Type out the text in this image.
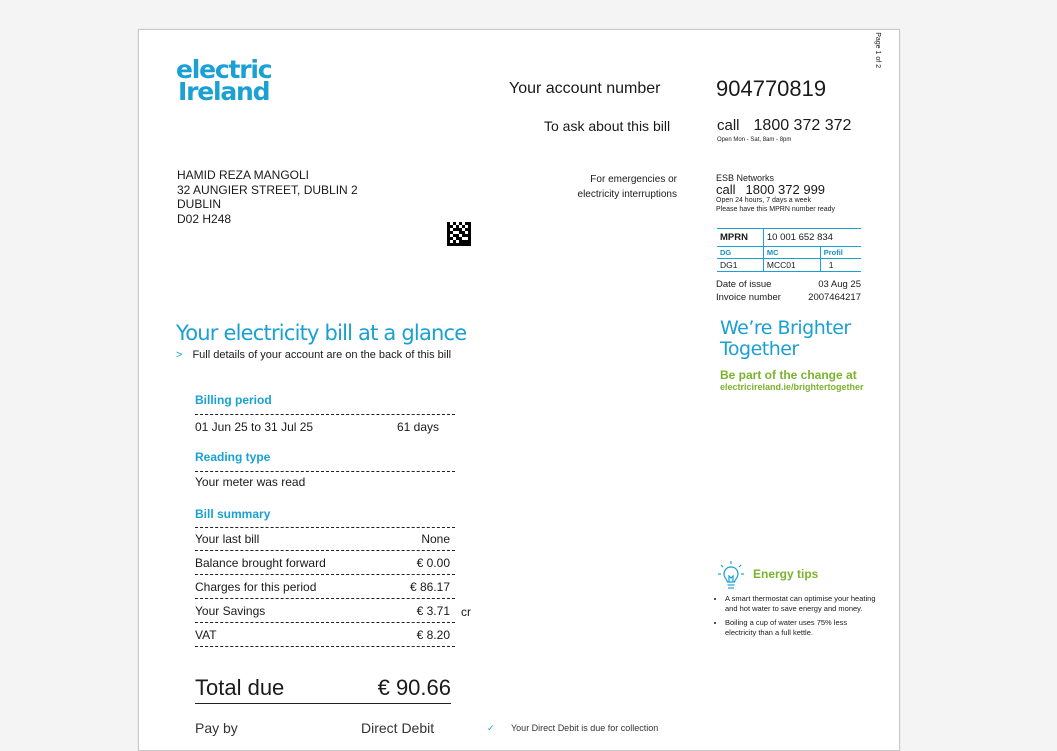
electric
Ireland	Your account number	904770819
To ask about this bill	call 1800 372 372
Open Mon - Sat, 8am - 8pm
Page 1 of 2
HAMID REZA MANGOLI
32 AUNGIER STREET, DUBLIN 2
DUBLIN
D02 H248
For emergencies or
electricity interruptions
ESB Networks
call 1800 372 999
Open 24 hours, 7 days a week
Please have this MPRN number ready
MPRN	10 001 652 834	
DG	MC	Profil
DG1	MCC01	1
Date of issue	03 Aug 25
Invoice number	2007464217
Your electricity bill at a glance
> Full details of your account are on the back of this bill
Billing period
01 Jun 25 to 31 Jul 25	61 days
Reading type
Your meter was read
Bill summary
Your last bill	None
Balance brought forward	€ 0.00
Charges for this period	€ 86.17
Your Savings	€ 3.71 cr
VAT	€ 8.20
Total due	€ 90.66
Pay by	Direct Debit	✓ Your Direct Debit is due for collection
We’re Brighter
Together
Be part of the change at
electricireland.ie/brightertogether
Energy tips
• A smart thermostat can optimise your heating and hot water to save energy and money.
• Boiling a cup of water uses 75% less electricity than a full kettle.
